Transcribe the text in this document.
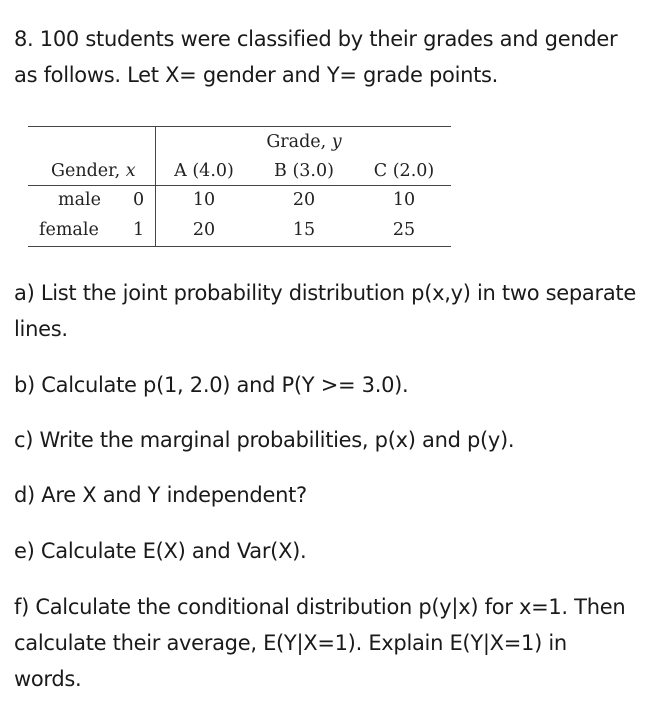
8. 100 students were classified by their grades and gender
as follows. Let X= gender and Y= grade points.

Grade, y
Gender, x A (4.0) B (3.0) C (2.0)
male 0	10	20	10
female 1	20	15	25

a) List the joint probability distribution p(x,y) in two separate
lines.

b) Calculate p(1, 2.0) and P(Y >= 3.0).

c) Write the marginal probabilities, p(x) and p(y).

d) Are X and Y independent?

e) Calculate E(X) and Var(X).

f) Calculate the conditional distribution p(y|x) for x=1. Then
calculate their average, E(Y|X=1). Explain E(Y|X=1) in
words.
